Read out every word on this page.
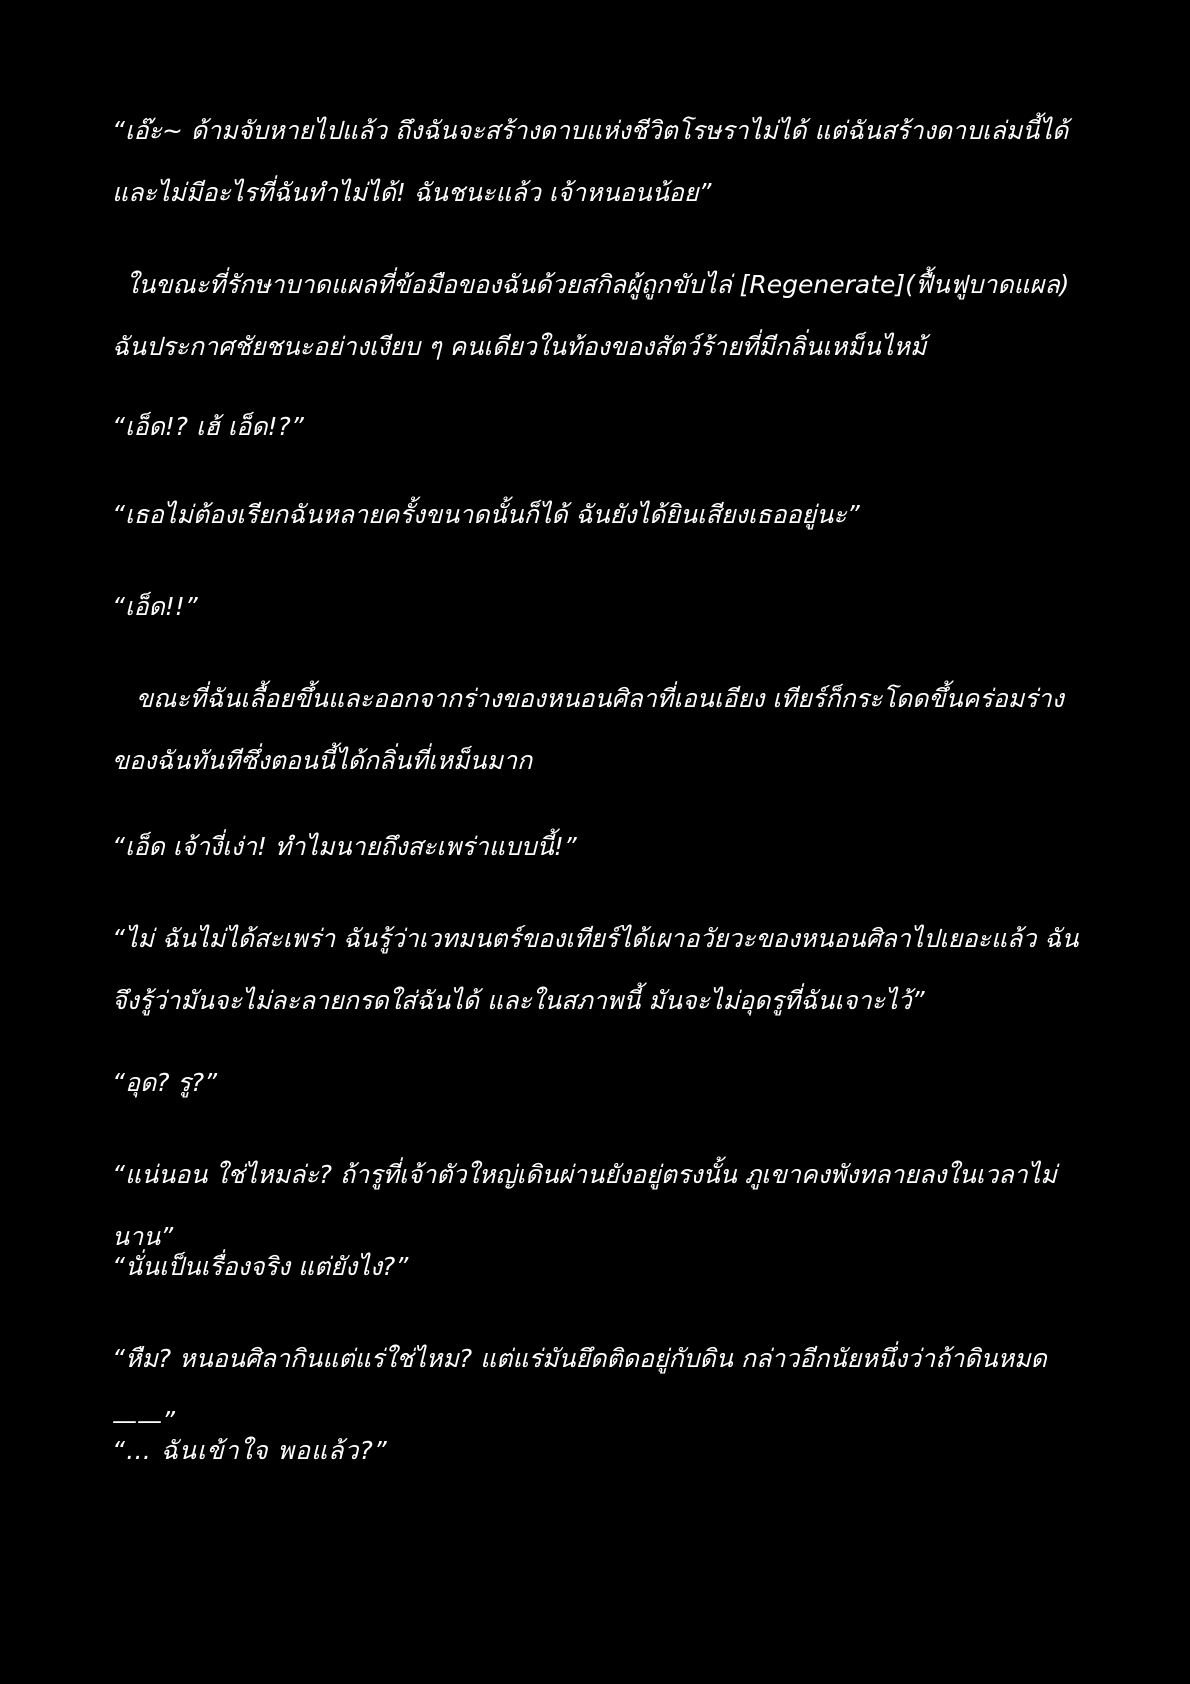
“เอ๊ะ~ ด้ามจับหายไปแล้ว ถึงฉันจะสร้างดาบแห่งชีวิตโรษราไม่ได้ แต่ฉันสร้างดาบเล่มนี้ได้ และไม่มีอะไรที่ฉันทำไม่ได้! ฉันชนะแล้ว เจ้าหนอนน้อย”

ในขณะที่รักษาบาดแผลที่ข้อมือของฉันด้วยสกิลผู้ถูกขับไล่ [Regenerate](ฟื้นฟูบาดแผล) ฉันประกาศชัยชนะอย่างเงียบ ๆ คนเดียวในท้องของสัตว์ร้ายที่มีกลิ่นเหม็นไหม้

“เอ็ด!? เฮ้ เอ็ด!?”

“เธอไม่ต้องเรียกฉันหลายครั้งขนาดนั้นก็ได้ ฉันยังได้ยินเสียงเธออยู่นะ”

“เอ็ด!!”

ขณะที่ฉันเลื้อยขึ้นและออกจากร่างของหนอนศิลาที่เอนเอียง เทียร์ก็กระโดดขึ้นคร่อมร่างของฉันทันทีซึ่งตอนนี้ได้กลิ่นที่เหม็นมาก

“เอ็ด เจ้างี่เง่า! ทำไมนายถึงสะเพร่าแบบนี้!”

“ไม่ ฉันไม่ได้สะเพร่า ฉันรู้ว่าเวทมนตร์ของเทียร์ได้เผาอวัยวะของหนอนศิลาไปเยอะแล้ว ฉันจึงรู้ว่ามันจะไม่ละลายกรดใส่ฉันได้ และในสภาพนี้ มันจะไม่อุดรูที่ฉันเจาะไว้”

“อุด? รู?”

“แน่นอน ใช่ไหมล่ะ? ถ้ารูที่เจ้าตัวใหญ่เดินผ่านยังอยู่ตรงนั้น ภูเขาคงพังทลายลงในเวลาไม่นาน”

“นั่นเป็นเรื่องจริง แต่ยังไง?”

“หืม? หนอนศิลากินแต่แร่ใช่ไหม? แต่แร่มันยึดติดอยู่กับดิน กล่าวอีกนัยหนึ่งว่าถ้าดินหมด——”

“… ฉันเข้าใจ พอแล้ว?”
